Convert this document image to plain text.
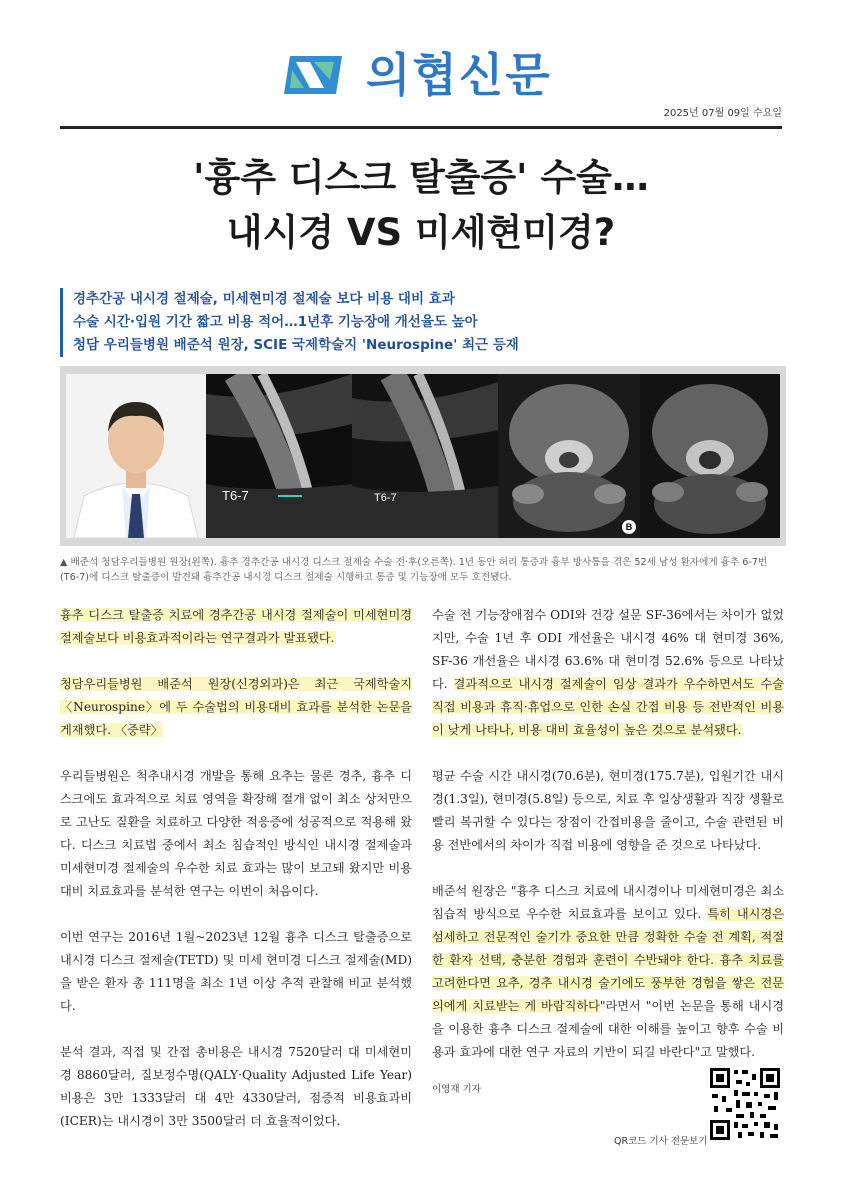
의협신문
2025년 07월 09일 수요일
'흉추 디스크 탈출증' 수술…
내시경 VS 미세현미경?
경추간공 내시경 절제술, 미세현미경 절제술 보다 비용 대비 효과
수술 시간·입원 기간 짧고 비용 적어…1년후 기능장애 개선율도 높아
청담 우리들병원 배준석 원장, SCIE 국제학술지 'Neurospine' 최근 등재
T6-7	T6-7
B
▲ 배준석 청담우리들병원 원장(왼쪽). 흉추 경추간공 내시경 디스크 절제술 수술 전·후(오른쪽). 1년 동안 허리 통증과 흉부 방사통을 겪은 52세 남성 환자에게 흉추 6-7번
(T6-7)에 디스크 탈출증이 발견돼 흉추간공 내시경 디스크 절제술 시행하고 통증 및 기능장애 모두 호전됐다.

흉추 디스크 탈출증 치료에 경추간공 내시경 절제술이 미세현미경 절제술보다 비용효과적이라는 연구결과가 발표됐다.

청담우리들병원 배준석 원장(신경외과)은 최근 국제학술지 〈Neurospine〉에 두 수술법의 비용대비 효과를 분석한 논문을 게재했다. 〈중략〉

우리들병원은 척추내시경 개발을 통해 요추는 물론 경추, 흉추 디스크에도 효과적으로 치료 영역을 확장해 절개 없이 최소 상처만으로 고난도 질환을 치료하고 다양한 적응증에 성공적으로 적용해 왔다. 디스크 치료법 중에서 최소 침습적인 방식인 내시경 절제술과 미세현미경 절제술의 우수한 치료 효과는 많이 보고돼 왔지만 비용 대비 치료효과를 분석한 연구는 이번이 처음이다.

이번 연구는 2016년 1월~2023년 12월 흉추 디스크 탈출증으로 내시경 디스크 절제술(TETD) 및 미세 현미경 디스크 절제술(MD)을 받은 환자 총 111명을 최소 1년 이상 추적 관찰해 비교 분석했다.

분석 결과, 직접 및 간접 총비용은 내시경 7520달러 대 미세현미경 8860달러, 질보정수명(QALY·Quality Adjusted Life Year) 비용은 3만 1333달러 대 4만 4330달러, 점증적 비용효과비(ICER)는 내시경이 3만 3500달러 더 효율적이었다.

수술 전 기능장애점수 ODI와 건강 설문 SF-36에서는 차이가 없었지만, 수술 1년 후 ODI 개선율은 내시경 46% 대 현미경 36%, SF-36 개선율은 내시경 63.6% 대 현미경 52.6% 등으로 나타났다. 결과적으로 내시경 절제술이 임상 결과가 우수하면서도 수술 직접 비용과 휴직·휴업으로 인한 손실 간접 비용 등 전반적인 비용이 낮게 나타나, 비용 대비 효율성이 높은 것으로 분석됐다.

평균 수술 시간 내시경(70.6분), 현미경(175.7분), 입원기간 내시경(1.3일), 현미경(5.8일) 등으로, 치료 후 일상생활과 직장 생활로 빨리 복귀할 수 있다는 장점이 간접비용을 줄이고, 수술 관련된 비용 전반에서의 차이가 직접 비용에 영향을 준 것으로 나타났다.

배준석 원장은 "흉추 디스크 치료에 내시경이나 미세현미경은 최소 침습적 방식으로 우수한 치료효과를 보이고 있다. 특히 내시경은 섬세하고 전문적인 술기가 중요한 만큼 정확한 수술 전 계획, 적절한 환자 선택, 충분한 경험과 훈련이 수반돼야 한다. 흉추 치료를 고려한다면 요추, 경추 내시경 술기에도 풍부한 경험을 쌓은 전문의에게 치료받는 게 바람직하다"라면서 "이번 논문을 통해 내시경을 이용한 흉추 디스크 절제술에 대한 이해를 높이고 향후 수술 비용과 효과에 대한 연구 자료의 기반이 되길 바란다"고 말했다.

이영재 기자
QR코드 기사 전문보기
